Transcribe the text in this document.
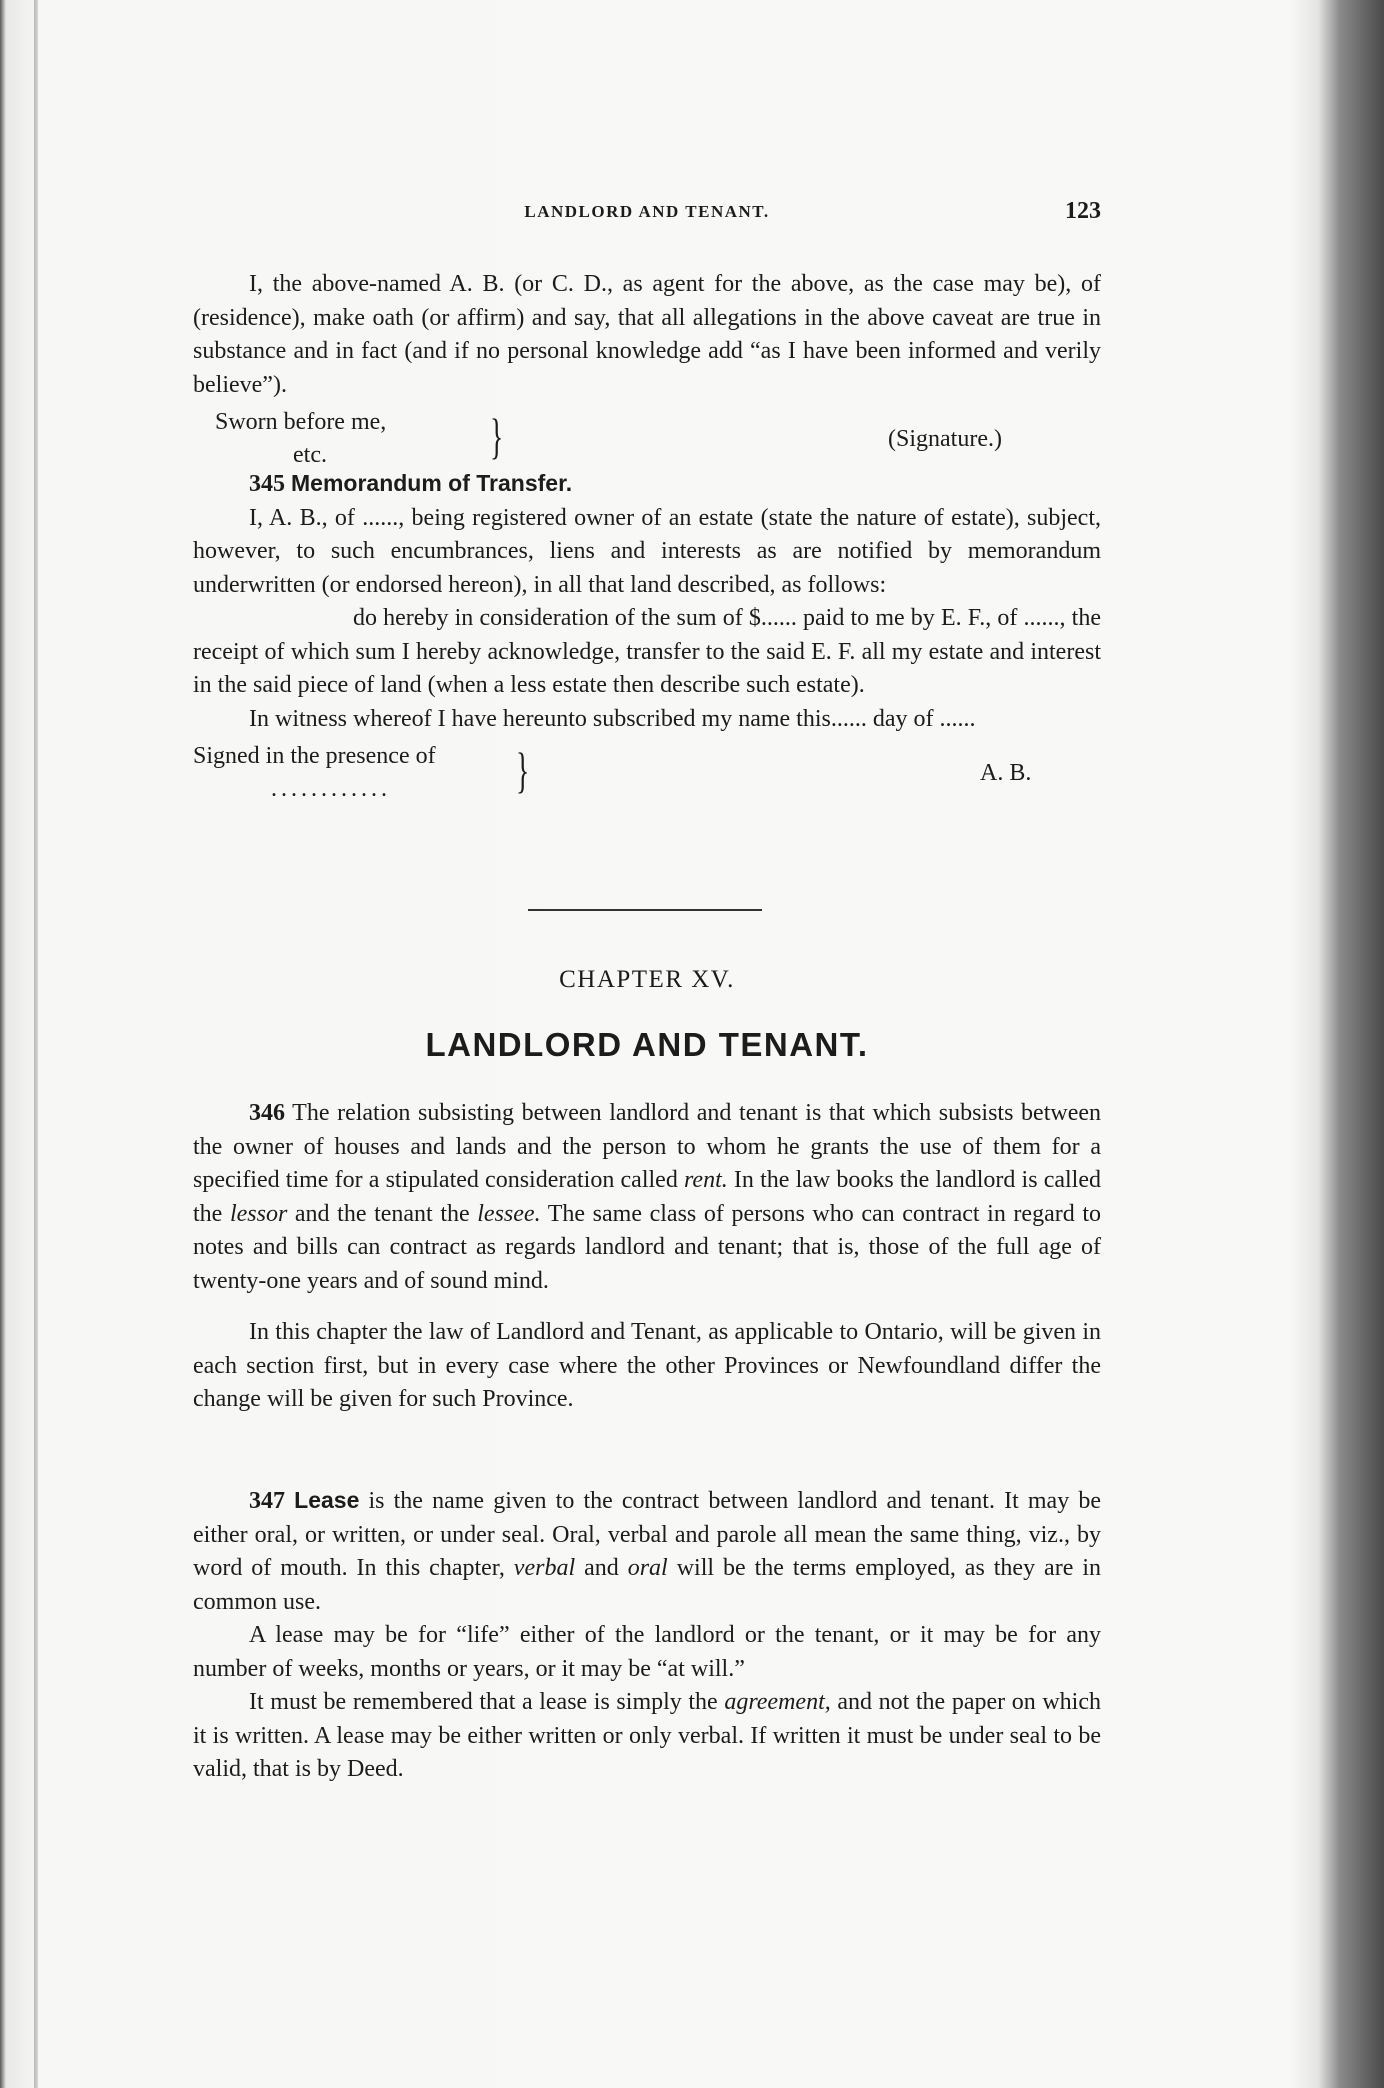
LANDLORD AND TENANT.	123

I, the above-named A. B. (or C. D., as agent for the above, as the case may be), of (residence), make oath (or affirm) and say, that all allegations in the above caveat are true in substance and in fact (and if no personal knowledge add “as I have been informed and verily believe”).

Sworn before me,
etc.	}	(Signature.)

345 Memorandum of Transfer.

I, A. B., of ......, being registered owner of an estate (state the nature of estate), subject, however, to such encumbrances, liens and interests as are notified by memorandum underwritten (or endorsed hereon), in all that land described, as follows:

do hereby in consideration of the sum of $...... paid to me by E. F., of ......, the receipt of which sum I hereby acknowledge, transfer to the said E. F. all my estate and interest in the said piece of land (when a less estate then describe such estate).

In witness whereof I have hereunto subscribed my name this...... day of ......

Signed in the presence of
............	}	A. B.
CHAPTER XV.
LANDLORD AND TENANT.

346 The relation subsisting between landlord and tenant is that which subsists between the owner of houses and lands and the person to whom he grants the use of them for a specified time for a stipulated consideration called rent. In the law books the landlord is called the lessor and the tenant the lessee. The same class of persons who can contract in regard to notes and bills can contract as regards landlord and tenant; that is, those of the full age of twenty-one years and of sound mind.

In this chapter the law of Landlord and Tenant, as applicable to Ontario, will be given in each section first, but in every case where the other Provinces or Newfoundland differ the change will be given for such Province.

347 Lease is the name given to the contract between landlord and tenant. It may be either oral, or written, or under seal. Oral, verbal and parole all mean the same thing, viz., by word of mouth. In this chapter, verbal and oral will be the terms employed, as they are in common use.

A lease may be for “life” either of the landlord or the tenant, or it may be for any number of weeks, months or years, or it may be “at will.”

It must be remembered that a lease is simply the agreement, and not the paper on which it is written. A lease may be either written or only verbal. If written it must be under seal to be valid, that is by Deed.
